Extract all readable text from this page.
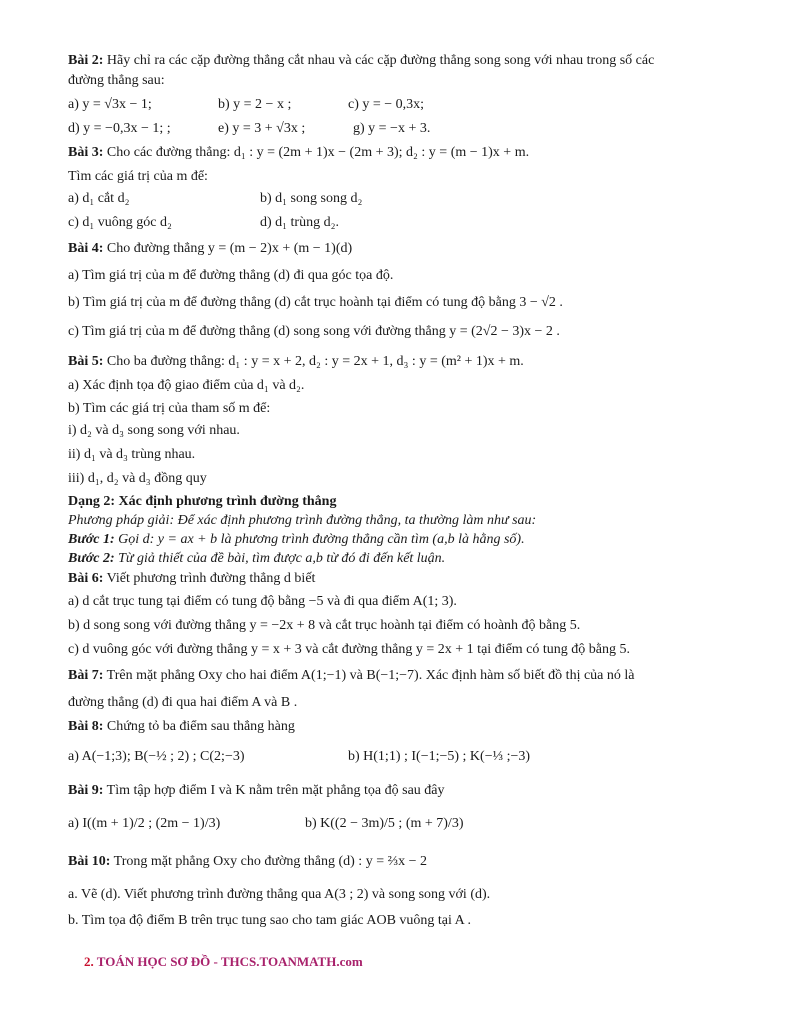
Bài 2: Hãy chỉ ra các cặp đường thẳng cắt nhau và các cặp đường thẳng song song với nhau trong số các
đường thẳng sau:
Bài 3: Cho các đường thẳng: d₁ : y = (2m + 1)x − (2m + 3); d₂ : y = (m − 1)x + m.
Tìm các giá trị của m để:
Bài 4: Cho đường thẳng y = (m − 2)x + (m − 1)(d)
a) Tìm giá trị của m để đường thẳng (d) đi qua góc tọa độ.
b) Tìm giá trị của m để đường thẳng (d) cắt trục hoành tại điểm có tung độ bằng 3 − √2 .
c) Tìm giá trị của m để đường thẳng (d) song song với đường thẳng y = (2√2 − 3)x − 2 .
Bài 5: Cho ba đường thẳng: d₁ : y = x + 2, d₂ : y = 2x + 1, d₃ : y = (m² + 1)x + m.
a) Xác định tọa độ giao điểm của d₁ và d₂.
b) Tìm các giá trị của tham số m để:
i) d₂ và d₃ song song với nhau.
ii) d₁ và d₃ trùng nhau.
iii) d₁, d₂ và d₃ đồng quy
Dạng 2: Xác định phương trình đường thẳng
Phương pháp giải: Để xác định phương trình đường thẳng, ta thường làm như sau:
Bước 1: Gọi d: y = ax + b là phương trình đường thẳng cần tìm (a,b là hằng số).
Bước 2: Từ giả thiết của đề bài, tìm được a,b từ đó đi đến kết luận.
Bài 6: Viết phương trình đường thẳng d biết
a) d cắt trục tung tại điểm có tung độ bằng −5 và đi qua điểm A(1; 3).
b) d song song với đường thẳng y = −2x + 8 và cắt trục hoành tại điểm có hoành độ bằng 5.
c) d vuông góc với đường thẳng y = x + 3 và cắt đường thẳng y = 2x + 1 tại điểm có tung độ bằng 5.
Bài 7: Trên mặt phẳng Oxy cho hai điểm A(1;−1) và B(−1;−7). Xác định hàm số biết đồ thị của nó là
đường thẳng (d) đi qua hai điểm A và B .
Bài 8: Chứng tỏ ba điểm sau thẳng hàng
Bài 9: Tìm tập hợp điểm I và K nằm trên mặt phẳng tọa độ sau đây
Bài 10: Trong mặt phẳng Oxy cho đường thẳng (d) : y = ⅔x − 2
a. Vẽ (d). Viết phương trình đường thẳng qua A(3 ; 2) và song song với (d).
b. Tìm tọa độ điểm B trên trục tung sao cho tam giác AOB vuông tại A .
a) y = √3x − 1;	b) y = 2 − x ;	c) y = − 0,3x;
d) y = −0,3x − 1; ;	e) y = 3 + √3x ;	g) y = −x + 3.
a) d₁ cắt d₂	b) d₁ song song d₂
c) d₁ vuông góc d₂	d) d₁ trùng d₂.
a) A(−1;3); B(−½ ; 2) ; C(2;−3)	b) H(1;1) ; I(−1;−5) ; K(−⅓ ;−3)
a) I((m + 1)/2 ; (2m − 1)/3)	b) K((2 − 3m)/5 ; (m + 7)/3)
2. TOÁN HỌC SƠ ĐỒ - THCS.TOANMATH.com
